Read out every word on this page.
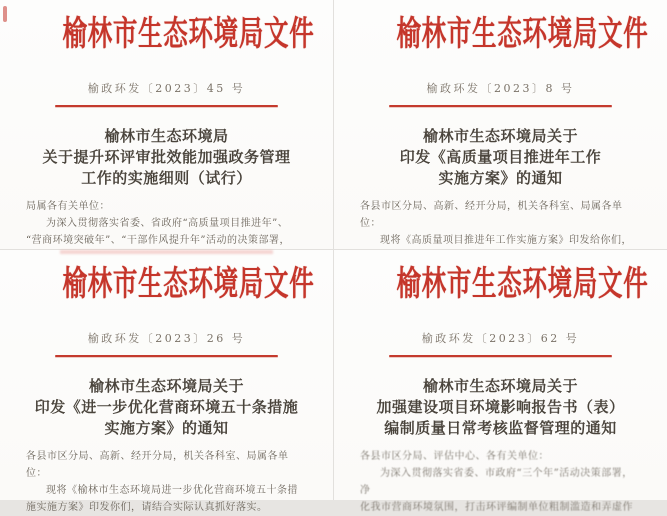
榆林市生态环境局文件
榆政环发〔2023〕45 号
榆林市生态环境局
关于提升环评审批效能加强政务管理
工作的实施细则（试行）
局属各有关单位：
为深入贯彻落实省委、省政府“高质量项目推进年”、
“营商环境突破年”、“干部作风提升年”活动的决策部署，
榆林市生态环境局文件
榆政环发〔2023〕8 号
榆林市生态环境局关于
印发《高质量项目推进年工作
实施方案》的通知
各县市区分局、高新、经开分局，机关各科室、局属各单位：
现将《高质量项目推进年工作实施方案》印发给你们，
榆林市生态环境局文件
榆政环发〔2023〕26 号
榆林市生态环境局关于
印发《进一步优化营商环境五十条措施
实施方案》的通知
各县市区分局、高新、经开分局，机关各科室、局属各单位：
现将《榆林市生态环境局进一步优化营商环境五十条措
施实施方案》印发你们，请结合实际认真抓好落实。
榆林市生态环境局文件
榆政环发〔2023〕62 号
榆林市生态环境局关于
加强建设项目环境影响报告书（表）
编制质量日常考核监督管理的通知
各县市区分局、评估中心、各有关单位：
为深入贯彻落实省委、市政府“三个年”活动决策部署，净
化我市营商环境氛围，打击环评编制单位粗制滥造和弄虚作
